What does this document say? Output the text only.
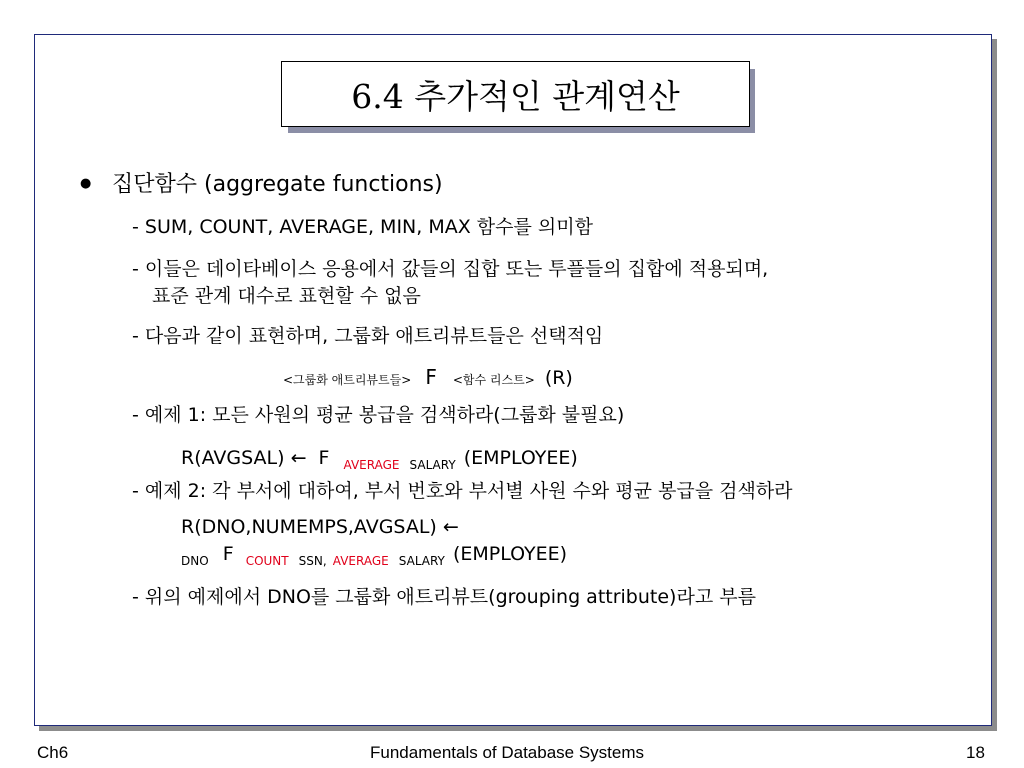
6.4 추가적인 관계연산
● 집단함수 (aggregate functions)
- SUM, COUNT, AVERAGE, MIN, MAX 함수를 의미함
- 이들은 데이타베이스 응용에서 값들의 집합 또는 투플들의 집합에 적용되며,
표준 관계 대수로 표현할 수 없음
- 다음과 같이 표현하며, 그룹화 애트리뷰트들은 선택적임
<그룹화 애트리뷰트들> F <함수 리스트> (R)
- 예제 1: 모든 사원의 평균 봉급을 검색하라(그룹화 불필요)
R(AVGSAL) ← F $_{AVERAGE}$ $_{SALARY}$ (EMPLOYEE)
- 예제 2: 각 부서에 대하여, 부서 번호와 부서별 사원 수와 평균 봉급을 검색하라
R(DNO,NUMEMPS,AVGSAL) ←
$_{DNO}$ F $_{COUNT}$ $_{SSN,}$ $_{AVERAGE}$ $_{SALARY}$ (EMPLOYEE)
- 위의 예제에서 DNO를 그룹화 애트리뷰트(grouping attribute)라고 부름
Ch6	Fundamentals of Database Systems	18
